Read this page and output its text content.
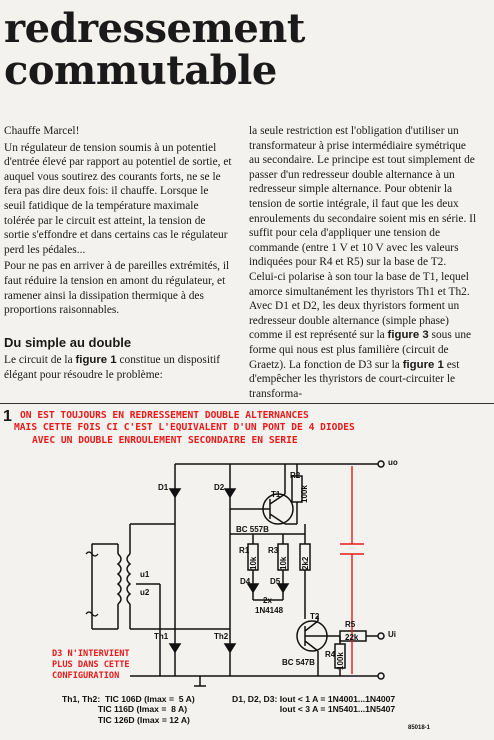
redressement
commutable

Chauffe Marcel!

Un régulateur de tension soumis à un potentiel d'entrée élevé par rapport au potentiel de sortie, et auquel vous soutirez des courants forts, ne se le fera pas dire deux fois: il chauffe. Lorsque le seuil fatidique de la température maximale tolérée par le circuit est atteint, la tension de sortie s'effondre et dans certains cas le régulateur perd les pédales...

Pour ne pas en arriver à de pareilles extrémités, il faut réduire la tension en amont du régulateur, et ramener ainsi la dissipation thermique à des proportions raisonnables.

Du simple au double

Le circuit de la figure 1 constitue un dispositif élégant pour résoudre le problème:

la seule restriction est l'obligation d'utiliser un transformateur à prise intermédiaire symétrique au secondaire. Le principe est tout simplement de passer d'un redresseur double alternance à un redresseur simple alternance. Pour obtenir la tension de sortie intégrale, il faut que les deux enroulements du secondaire soient mis en série. Il suffit pour cela d'appliquer une tension de commande (entre 1 V et 10 V avec les valeurs indiquées pour R4 et R5) sur la base de T2. Celui-ci polarise à son tour la base de T1, lequel amorce simultanément les thyristors Th1 et Th2. Avec D1 et D2, les deux thyristors forment un redresseur double alternance (simple phase) comme il est représenté sur la figure 3 sous une forme qui nous est plus familière (circuit de Graetz). La fonction de D3 sur la figure 1 est d'empêcher les thyristors de court-circuiter le transforma-

1 ON EST TOUJOURS EN REDRESSEMENT DOUBLE ALTERNANCES
MAIS CETTE FOIS CI C'EST L'EQUIVALENT D'UN PONT DE 4 DIODES
AVEC UN DOUBLE ENROULEMENT SECONDAIRE EN SERIE
D1	D2
T1
R2
100k
BC 557B
R1
10k
R3
10k 2k2
D4 D5
2x
1N4148
u1
u2
T2
R5
22k
R4 100k
BC 547B
Th1	Th2
uo
Ui
D3 N'INTERVIENT
PLUS DANS CETTE
CONFIGURATION
Th1, Th2:  TIC 106D (Imax =  5 A)
TIC 116D (Imax =  8 A)
TIC 126D (Imax = 12 A)
D1, D2, D3: Iout < 1 A = 1N4001...1N4007
Iout < 3 A = 1N5401...1N5407
85018-1
